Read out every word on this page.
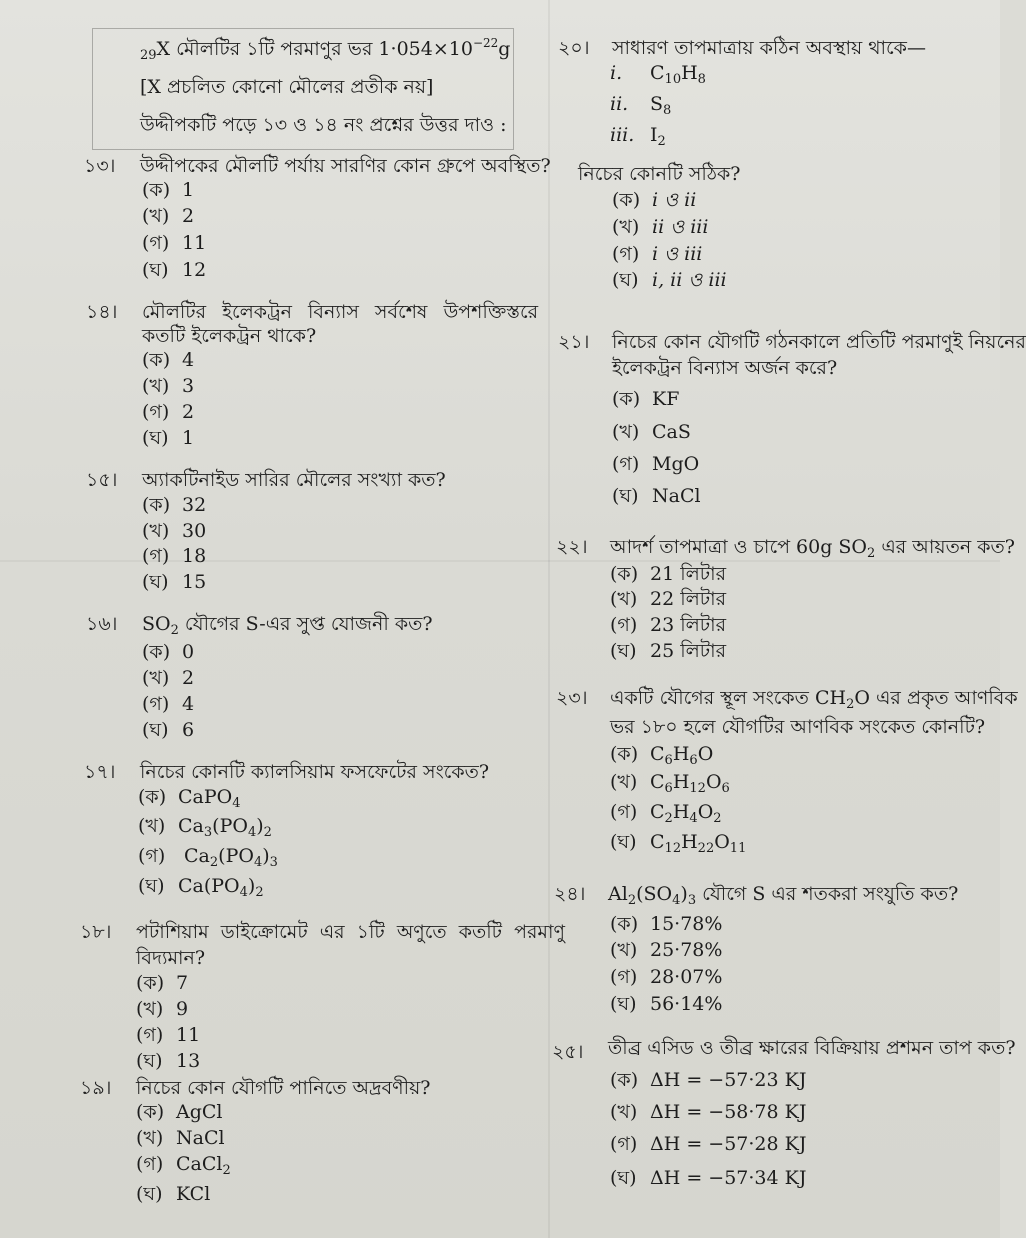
$_{29}$X মৌলটির ১টি পরমাণুর ভর $1\cdot 054\times 10^{-22}g$
[X প্রচলিত কোনো মৌলের প্রতীক নয়]
উদ্দীপকটি পড়ে ১৩ ও ১৪ নং প্রশ্নের উত্তর দাও :
১৩। উদ্দীপকের মৌলটি পর্যায় সারণির কোন গ্রুপে অবস্থিত?
(ক) 1
(খ) 2
(গ) 11
(ঘ) 12
১৪। মৌলটির ইলেকট্রন বিন্যাস সর্বশেষ উপশক্তিস্তরে
কতটি ইলেকট্রন থাকে?
(ক) 4
(খ) 3
(গ) 2
(ঘ) 1
১৫। অ্যাকটিনাইড সারির মৌলের সংখ্যা কত?
(ক) 32
(খ) 30
(গ) 18
(ঘ) 15
১৬। $SO_2$ যৌগের S-এর সুপ্ত যোজনী কত?
(ক) 0
(খ) 2
(গ) 4
(ঘ) 6
১৭। নিচের কোনটি ক্যালসিয়াম ফসফেটের সংকেত?
(ক) CaPO$_4$
(খ) $Ca_3(PO_4)_2$
(গ) $Ca_2(PO_4)_3$
(ঘ) $Ca(PO_4)_2$
১৮। পটাশিয়াম ডাইক্রোমেট এর ১টি অণুতে কতটি পরমাণু
বিদ্যমান?
(ক) 7
(খ) 9
(গ) 11
(ঘ) 13
১৯। নিচের কোন যৌগটি পানিতে অদ্রবণীয়?
(ক) AgCl
(খ) NaCl
(গ) CaCl$_2$
(ঘ) KCl
২০। সাধারণ তাপমাত্রায় কঠিন অবস্থায় থাকে—
i. $C_{10}H_8$
ii. $S_8$
iii. $I_2$
নিচের কোনটি সঠিক?
(ক) i ও ii
(খ) ii ও iii
(গ) i ও iii
(ঘ) i, ii ও iii
২১। নিচের কোন যৌগটি গঠনকালে প্রতিটি পরমাণুই নিয়নের
ইলেকট্রন বিন্যাস অর্জন করে?
(ক) KF
(খ) CaS
(গ) MgO
(ঘ) NaCl
২২। আদর্শ তাপমাত্রা ও চাপে 60g $SO_2$ এর আয়তন কত?
(ক) 21 লিটার
(খ) 22 লিটার
(গ) 23 লিটার
(ঘ) 25 লিটার
২৩। একটি যৌগের স্থূল সংকেত $CH_2O$ এর প্রকৃত আণবিক
ভর ১৮০ হলে যৌগটির আণবিক সংকেত কোনটি?
(ক) $C_6H_6O$
(খ) $C_6H_{12}O_6$
(গ) $C_2H_4O_2$
(ঘ) $C_{12}H_{22}O_{11}$
২৪। $Al_2(SO_4)_3$ যৌগে S এর শতকরা সংযুতি কত?
(ক) 15·78%
(খ) 25·78%
(গ) 28·07%
(ঘ) 56·14%
২৫। তীব্র এসিড ও তীব্র ক্ষারের বিক্রিয়ায় প্রশমন তাপ কত?
(ক) ΔH = −57·23 KJ
(খ) ΔH = −58·78 KJ
(গ) ΔH = −57·28 KJ
(ঘ) ΔH = −57·34 KJ
